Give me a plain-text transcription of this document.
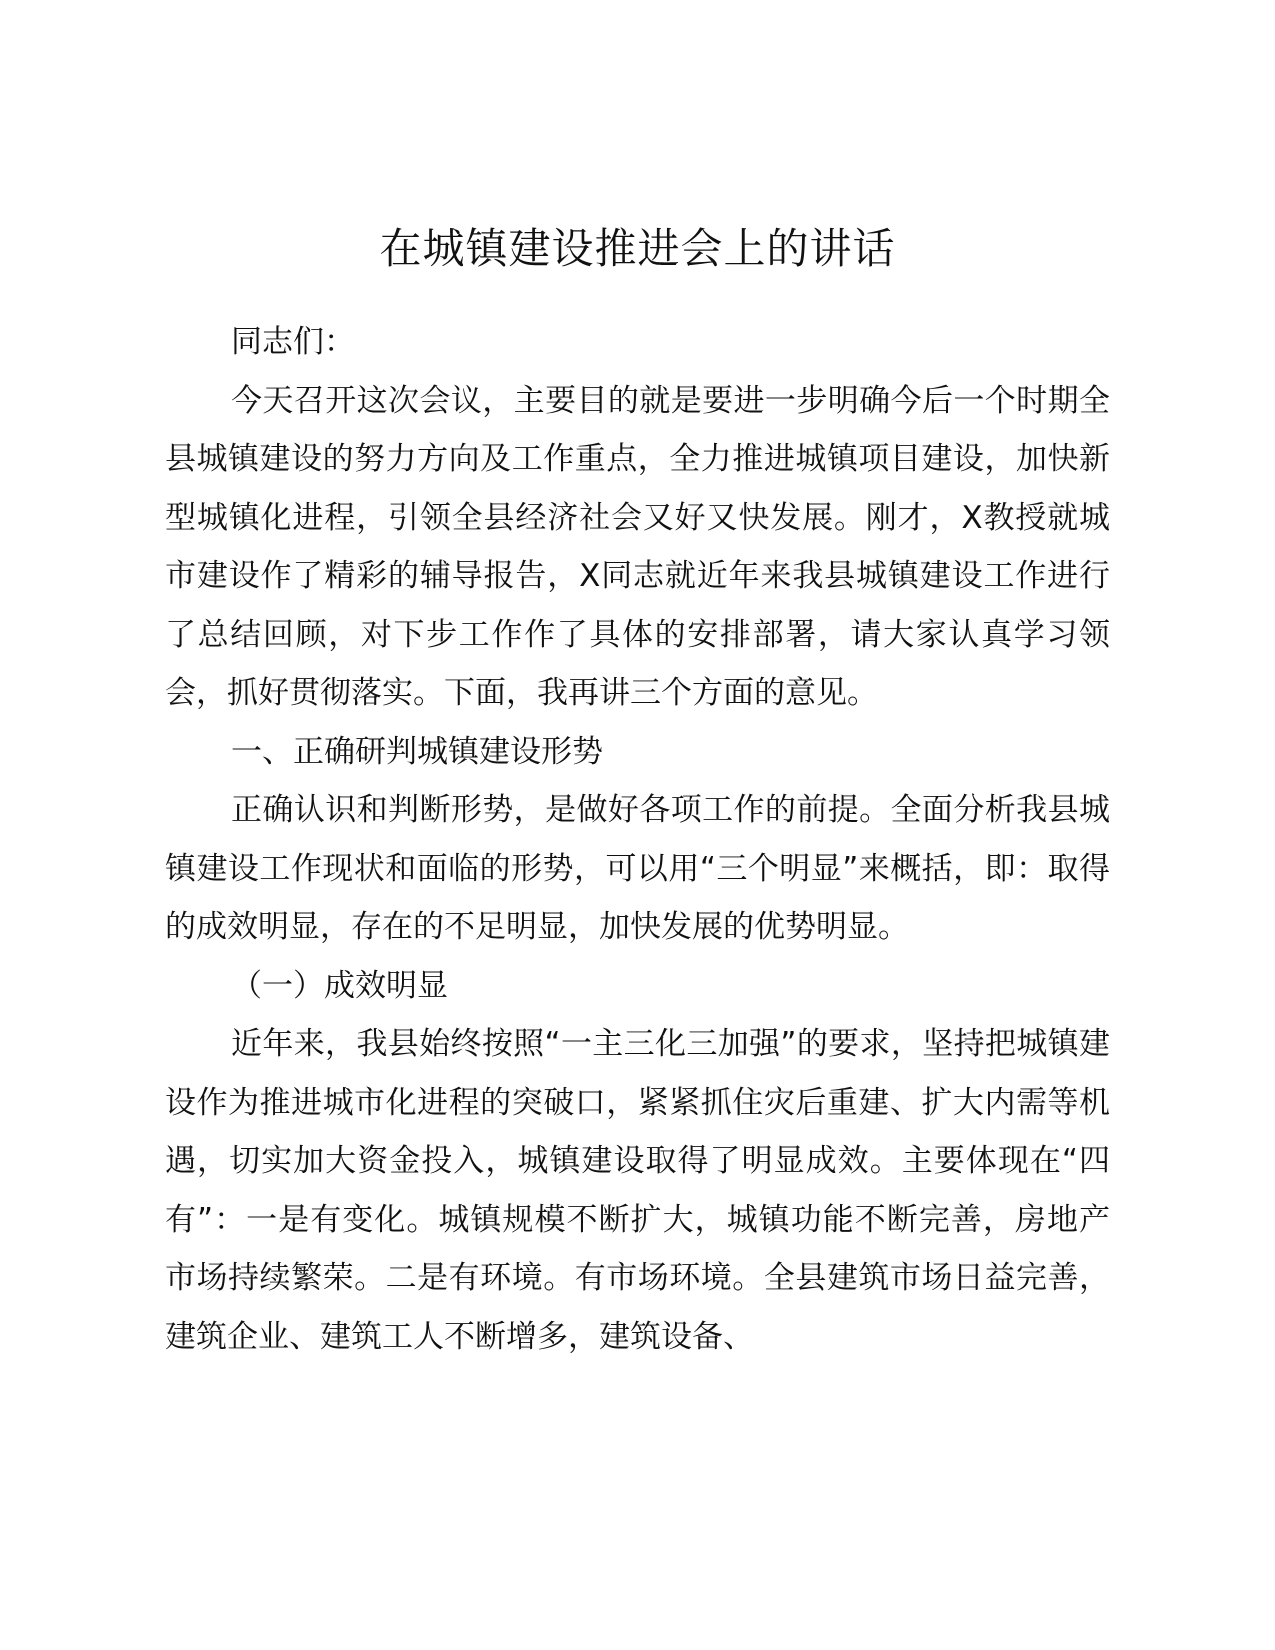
在城镇建设推进会上的讲话

同志们：

今天召开这次会议，主要目的就是要进一步明确今后一个时期全县城镇建设的努力方向及工作重点，全力推进城镇项目建设，加快新型城镇化进程，引领全县经济社会又好又快发展。刚才，X教授就城市建设作了精彩的辅导报告，X同志就近年来我县城镇建设工作进行了总结回顾，对下步工作作了具体的安排部署，请大家认真学习领会，抓好贯彻落实。下面，我再讲三个方面的意见。

一、正确研判城镇建设形势

正确认识和判断形势，是做好各项工作的前提。全面分析我县城镇建设工作现状和面临的形势，可以用“三个明显”来概括，即：取得的成效明显，存在的不足明显，加快发展的优势明显。

（一）成效明显

近年来，我县始终按照“一主三化三加强”的要求，坚持把城镇建设作为推进城市化进程的突破口，紧紧抓住灾后重建、扩大内需等机遇，切实加大资金投入，城镇建设取得了明显成效。主要体现在“四有”：一是有变化。城镇规模不断扩大，城镇功能不断完善，房地产市场持续繁荣。二是有环境。有市场环境。全县建筑市场日益完善，建筑企业、建筑工人不断增多，建筑设备、
